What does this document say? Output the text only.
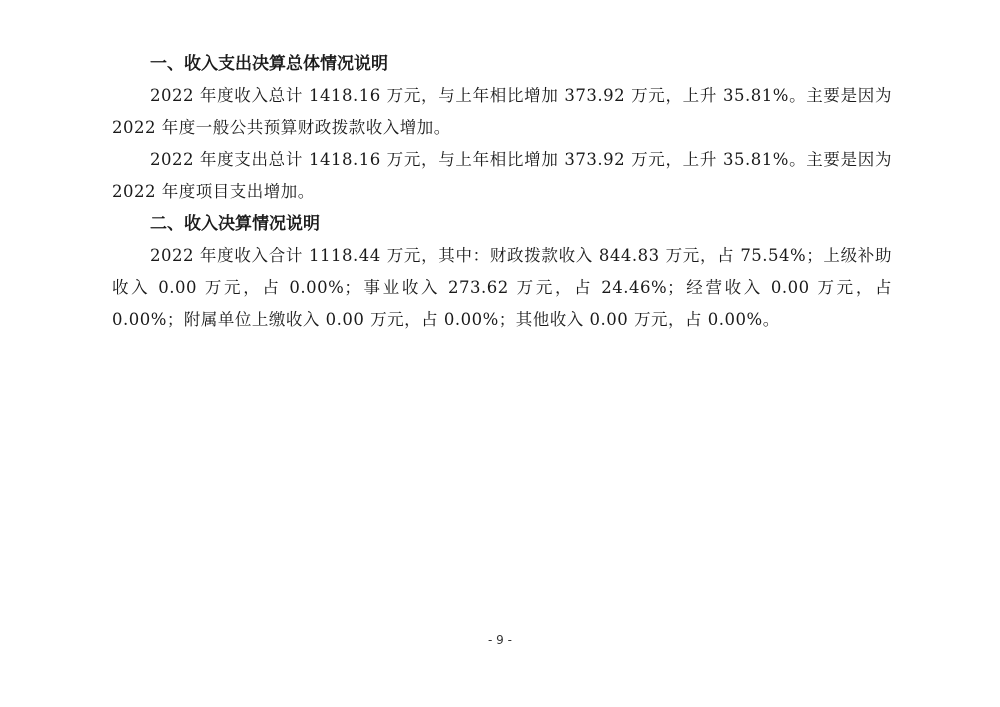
一、收入支出决算总体情况说明

2022 年度收入总计 1418.16 万元，与上年相比增加 373.92 万元，上升 35.81%。主要是因为 2022 年度一般公共预算财政拨款收入增加。

2022 年度支出总计 1418.16 万元，与上年相比增加 373.92 万元，上升 35.81%。主要是因为 2022 年度项目支出增加。

二、收入决算情况说明

2022 年度收入合计 1118.44 万元，其中：财政拨款收入 844.83 万元，占 75.54%；上级补助收入 0.00 万元，占 0.00%；事业收入 273.62 万元，占 24.46%；经营收入 0.00 万元，占 0.00%；附属单位上缴收入 0.00 万元，占 0.00%；其他收入 0.00 万元，占 0.00%。

- 9 -
